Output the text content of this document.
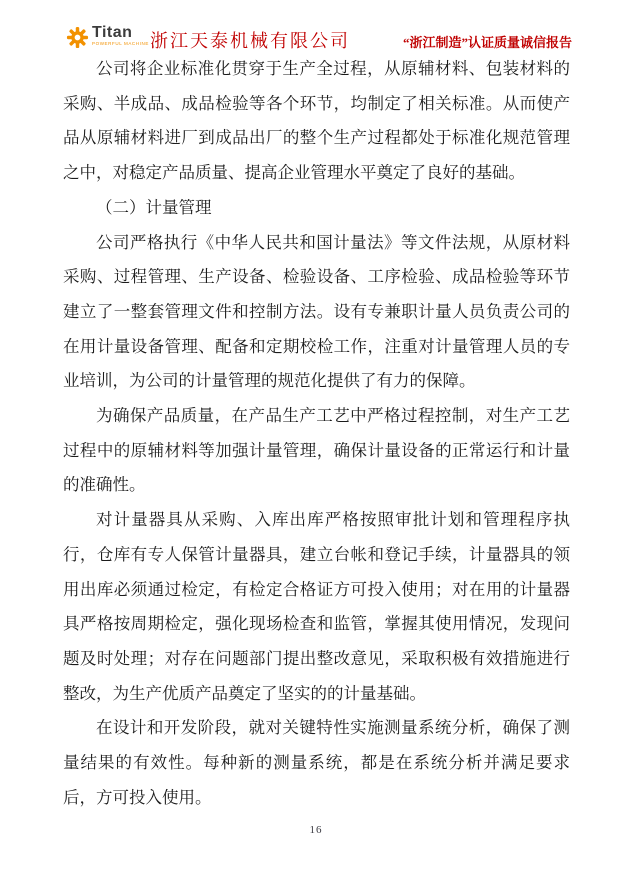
Titan
POWERFUL MACHINE 浙江天泰机械有限公司	“浙江制造”认证质量诚信报告

公司将企业标准化贯穿于生产全过程，从原辅材料、包装材料的采购、半成品、成品检验等各个环节，均制定了相关标准。从而使产品从原辅材料进厂到成品出厂的整个生产过程都处于标准化规范管理之中，对稳定产品质量、提高企业管理水平奠定了良好的基础。

（二）计量管理

公司严格执行《中华人民共和国计量法》等文件法规，从原材料采购、过程管理、生产设备、检验设备、工序检验、成品检验等环节建立了一整套管理文件和控制方法。设有专兼职计量人员负责公司的在用计量设备管理、配备和定期校检工作，注重对计量管理人员的专业培训，为公司的计量管理的规范化提供了有力的保障。

为确保产品质量，在产品生产工艺中严格过程控制，对生产工艺过程中的原辅材料等加强计量管理，确保计量设备的正常运行和计量的准确性。

对计量器具从采购、入库出库严格按照审批计划和管理程序执行，仓库有专人保管计量器具，建立台帐和登记手续，计量器具的领用出库必须通过检定，有检定合格证方可投入使用；对在用的计量器具严格按周期检定，强化现场检查和监管，掌握其使用情况，发现问题及时处理；对存在问题部门提出整改意见，采取积极有效措施进行整改，为生产优质产品奠定了坚实的的计量基础。

在设计和开发阶段，就对关键特性实施测量系统分析，确保了测量结果的有效性。每种新的测量系统，都是在系统分析并满足要求后，方可投入使用。

16
